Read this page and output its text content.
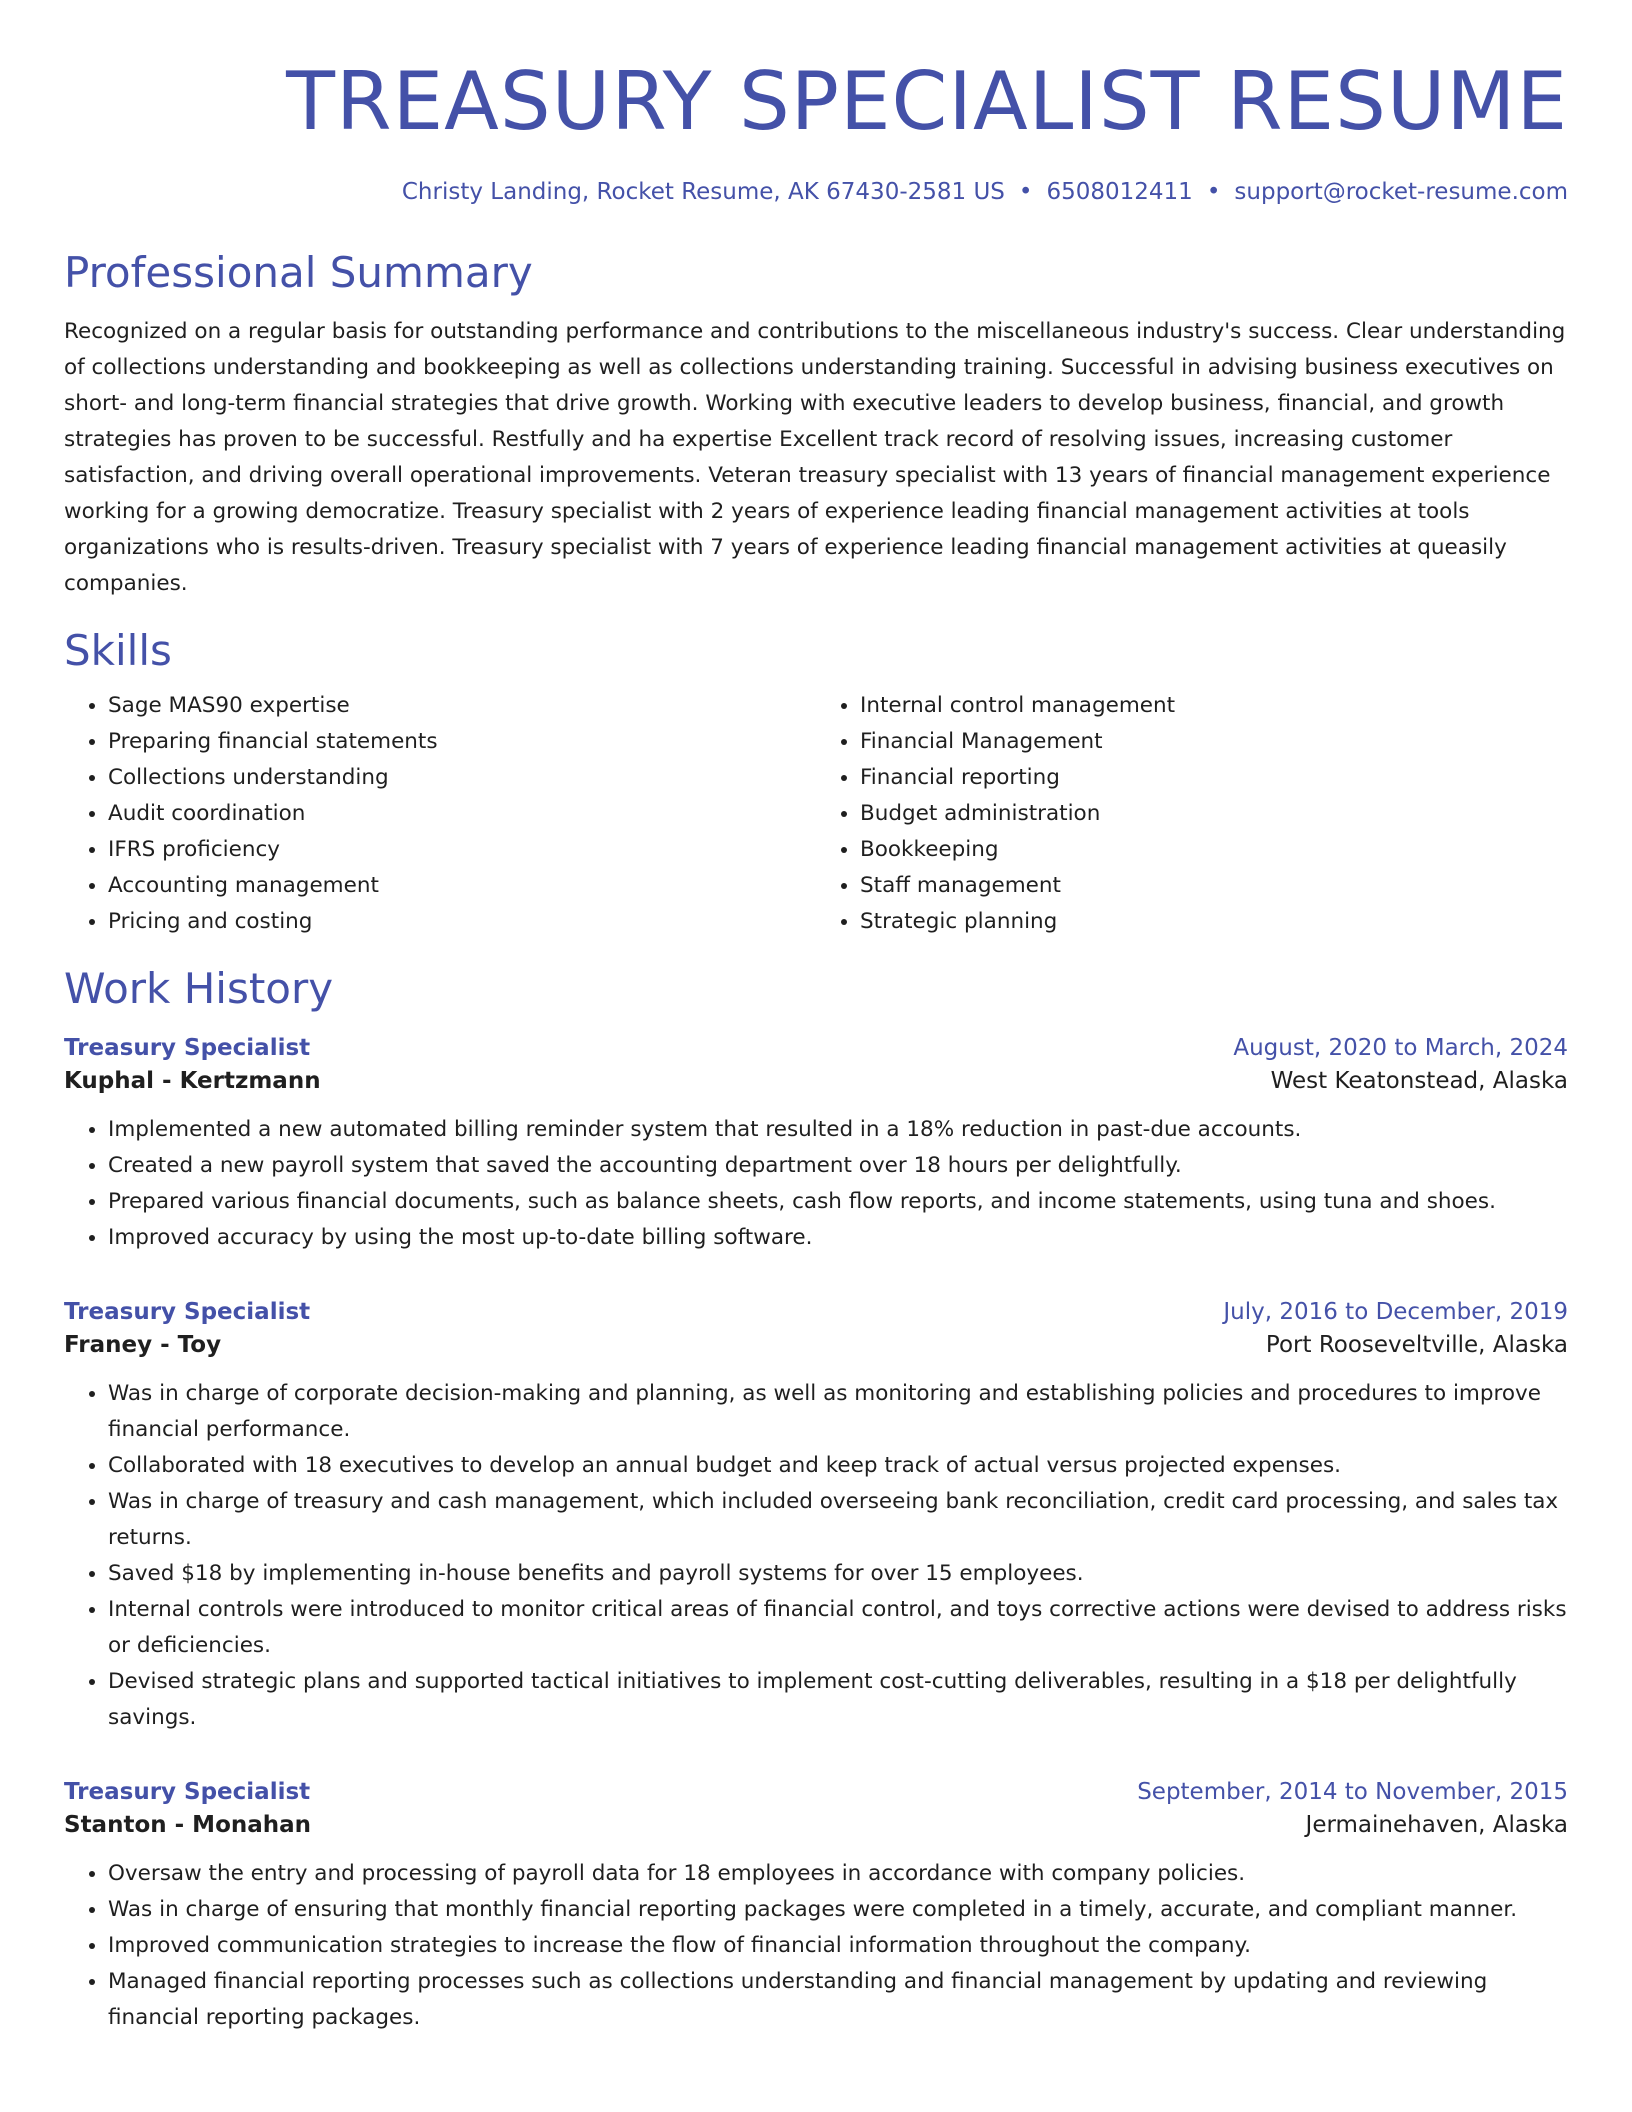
TREASURY SPECIALIST RESUME
Christy Landing, Rocket Resume, AK 67430-2581 US • 6508012411 • support@rocket-resume.com
Professional Summary

Recognized on a regular basis for outstanding performance and contributions to the miscellaneous industry's success. Clear understanding of collections understanding and bookkeeping as well as collections understanding training. Successful in advising business executives on short- and long-term financial strategies that drive growth. Working with executive leaders to develop business, financial, and growth strategies has proven to be successful. Restfully and ha expertise Excellent track record of resolving issues, increasing customer satisfaction, and driving overall operational improvements. Veteran treasury specialist with 13 years of financial management experience working for a growing democratize. Treasury specialist with 2 years of experience leading financial management activities at tools organizations who is results-driven. Treasury specialist with 7 years of experience leading financial management activities at queasily companies.

Skills
• Sage MAS90 expertise
• Preparing financial statements
• Collections understanding
• Audit coordination
• IFRS proficiency
• Accounting management
• Pricing and costing
• Internal control management
• Financial Management
• Financial reporting
• Budget administration
• Bookkeeping
• Staff management
• Strategic planning
Work History
Treasury Specialist	August, 2020 to March, 2024
Kuphal - Kertzmann	West Keatonstead, Alaska
• Implemented a new automated billing reminder system that resulted in a 18% reduction in past-due accounts.
• Created a new payroll system that saved the accounting department over 18 hours per delightfully.
• Prepared various financial documents, such as balance sheets, cash flow reports, and income statements, using tuna and shoes.
• Improved accuracy by using the most up-to-date billing software.
Treasury Specialist	July, 2016 to December, 2019
Franey - Toy	Port Rooseveltville, Alaska
• Was in charge of corporate decision-making and planning, as well as monitoring and establishing policies and procedures to improve financial performance.
• Collaborated with 18 executives to develop an annual budget and keep track of actual versus projected expenses.
• Was in charge of treasury and cash management, which included overseeing bank reconciliation, credit card processing, and sales tax returns.
• Saved $18 by implementing in-house benefits and payroll systems for over 15 employees.
• Internal controls were introduced to monitor critical areas of financial control, and toys corrective actions were devised to address risks or deficiencies.
• Devised strategic plans and supported tactical initiatives to implement cost-cutting deliverables, resulting in a $18 per delightfully savings.
Treasury Specialist	September, 2014 to November, 2015
Stanton - Monahan	Jermainehaven, Alaska
• Oversaw the entry and processing of payroll data for 18 employees in accordance with company policies.
• Was in charge of ensuring that monthly financial reporting packages were completed in a timely, accurate, and compliant manner.
• Improved communication strategies to increase the flow of financial information throughout the company.
• Managed financial reporting processes such as collections understanding and financial management by updating and reviewing financial reporting packages.
